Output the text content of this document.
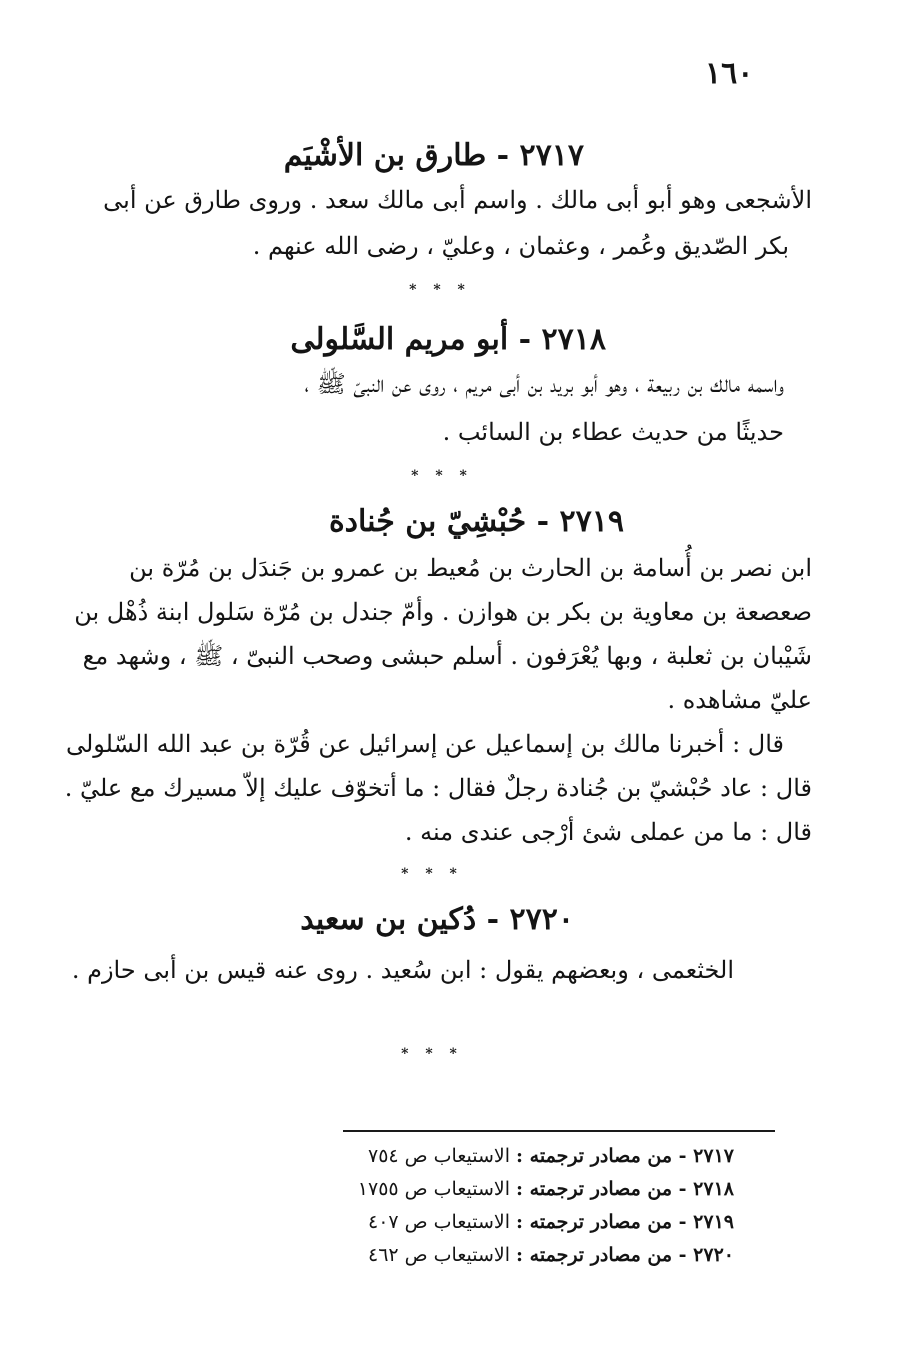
١٦٠
٢٧١٧ - طارق بن الأشْيَم
الأشجعى وهو أبو أبى مالك . واسم أبى مالك سعد . وروى طارق عن أبى
بكر الصّديق وعُمر ، وعثمان ، وعليّ ، رضى الله عنهم .
* * *
٢٧١٨ - أبو مريم السَّلولى
واسمه مالك بن ربيعة ، وهو أبو بريد بن أبى مريم ، روى عن النبىّ ﷺ ،
حديثًا من حديث عطاء بن السائب .
* * *
٢٧١٩ - حُبْشِيّ بن جُنادة
ابن نصر بن أُسامة بن الحارث بن مُعيط بن عمرو بن جَندَل بن مُرّة بن
صعصعة بن معاوية بن بكر بن هوازن . وأمّ جندل بن مُرّة سَلول ابنة ذُهْل بن
شَيْبان بن ثعلبة ، وبها يُعْرَفون . أسلم حبشى وصحب النبىّ ، ﷺ ، وشهد مع
عليّ مشاهده .
قال : أخبرنا مالك بن إسماعيل عن إسرائيل عن قُرّة بن عبد الله السّلولى
قال : عاد حُبْشيّ بن جُنادة رجلٌ فقال : ما أتخوّف عليك إلاّ مسيرك مع عليّ .
قال : ما من عملى شئ أرْجى عندى منه .
* * *
٢٧٢٠ - دُكين بن سعيد
الخثعمى ، وبعضهم يقول : ابن سُعيد . روى عنه قيس بن أبى حازم .
* * *
٢٧١٧ - من مصادر ترجمته : الاستيعاب ص ٧٥٤
٢٧١٨ - من مصادر ترجمته : الاستيعاب ص ١٧٥٥
٢٧١٩ - من مصادر ترجمته : الاستيعاب ص ٤٠٧
٢٧٢٠ - من مصادر ترجمته : الاستيعاب ص ٤٦٢
